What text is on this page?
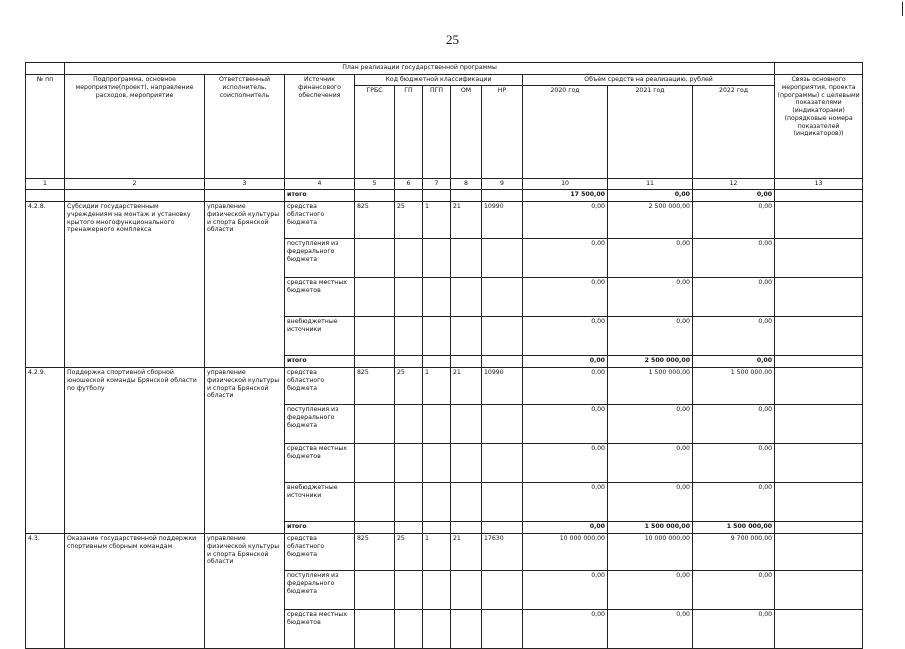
25
	План реализации государственной программы											
№ пп	Подпрограмма, основное мероприятие(проект), направление расходов, мероприятие	Ответственный исполнитель, соисполнитель	Источник финансового обеспечения	Код бюджетной классификации					Объём средств на реализацию, рублей			Связь основного мероприятия, проекта (программы) с целевыми показателями (индикаторами) (порядковые номера показателей (индикаторов))
				ГРБС	ГП	ПГП	ОМ	НР	2020 год	2021 год	2022 год	
1	2	3	4	5	6	7	8	9	10	11	12	13
			итого						17 500,00	0,00	0,00	
4.2.8.	Субсидии государственным учреждениям на монтаж и установку крытого многофункционального тренажерного комплекса	управление физической культуры и спорта Брянской области	средства областного бюджета	825	25	1	21	10990	0,00	2 500 000,00	0,00	
			поступления из федерального бюджета						0,00	0,00	0,00	
			средства местных бюджетов						0,00	0,00	0,00	
			внебюджетные источники						0,00	0,00	0,00	
			итого						0,00	2 500 000,00	0,00	
4.2.9.	Поддержка спортивной сборной юношеской команды Брянской области по футболу	управление физической культуры и спорта Брянской области	средства областного бюджета	825	25	1	21	10990	0,00	1 500 000,00	1 500 000,00	
			поступления из федерального бюджета						0,00	0,00	0,00	
			средства местных бюджетов						0,00	0,00	0,00	
			внебюджетные источники						0,00	0,00	0,00	
			итого						0,00	1 500 000,00	1 500 000,00	
4.3.	Оказание государственной поддержки спортивным сборным командам	управление физической культуры и спорта Брянской области	средства областного бюджета	825	25	1	21	17630	10 000 000,00	10 000 000,00	9 700 000,00	
			поступления из федерального бюджета						0,00	0,00	0,00	
			средства местных бюджетов						0,00	0,00	0,00	
